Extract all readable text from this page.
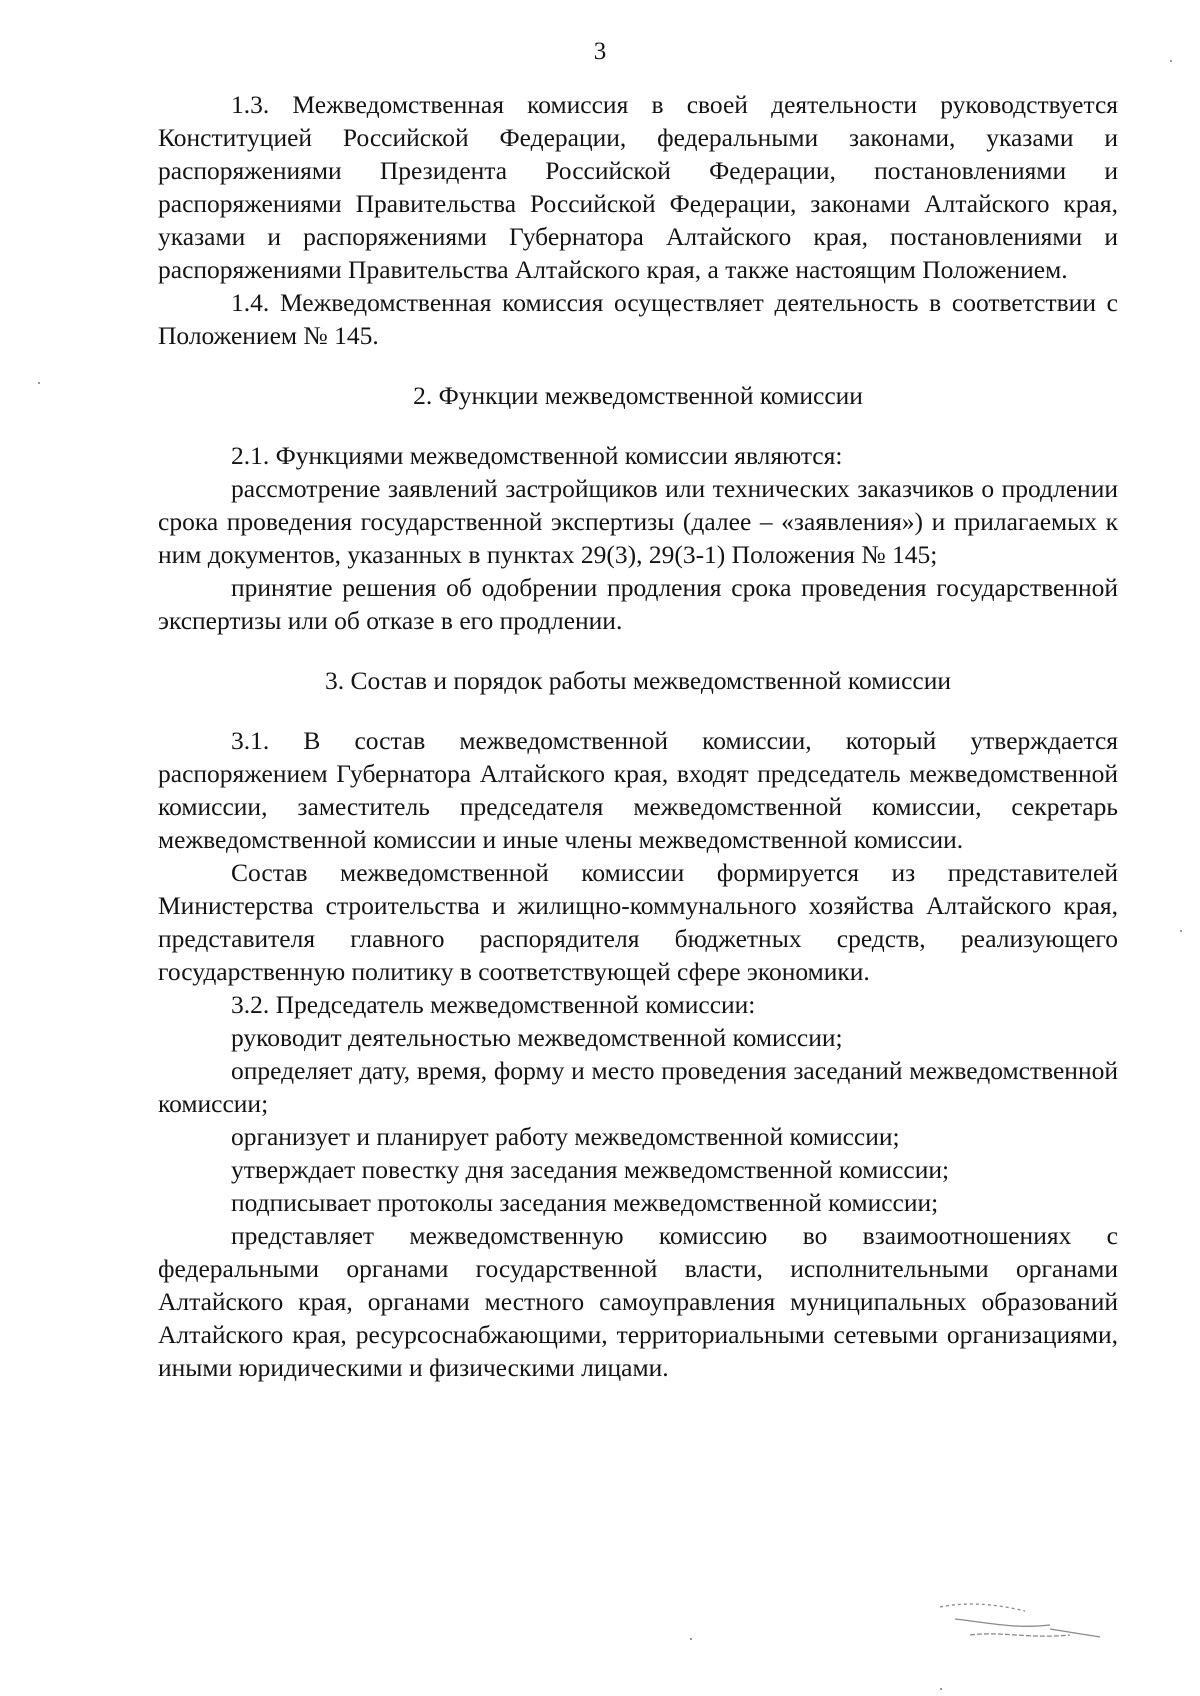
3

1.3. Межведомственная комиссия в своей деятельности руководствуется Конституцией Российской Федерации, федеральными законами, указами и распоряжениями Президента Российской Федерации, постановлениями и распоряжениями Правительства Российской Федерации, законами Алтайского края, указами и распоряжениями Губернатора Алтайского края, постановлениями и распоряжениями Правительства Алтайского края, а также настоящим Положением.

1.4. Межведомственная комиссия осуществляет деятельность в соответствии с Положением № 145.

2. Функции межведомственной комиссии

2.1. Функциями межведомственной комиссии являются:

рассмотрение заявлений застройщиков или технических заказчиков о продлении срока проведения государственной экспертизы (далее – «заявления») и прилагаемых к ним документов, указанных в пунктах 29(3), 29(3-1) Положения № 145;

принятие решения об одобрении продления срока проведения государственной экспертизы или об отказе в его продлении.

3. Состав и порядок работы межведомственной комиссии

3.1. В состав межведомственной комиссии, который утверждается распоряжением Губернатора Алтайского края, входят председатель межведомственной комиссии, заместитель председателя межведомственной комиссии, секретарь межведомственной комиссии и иные члены межведомственной комиссии.

Состав межведомственной комиссии формируется из представителей Министерства строительства и жилищно-коммунального хозяйства Алтайского края, представителя главного распорядителя бюджетных средств, реализующего государственную политику в соответствующей сфере экономики.

3.2. Председатель межведомственной комиссии:

руководит деятельностью межведомственной комиссии;

определяет дату, время, форму и место проведения заседаний межведомственной комиссии;

организует и планирует работу межведомственной комиссии;

утверждает повестку дня заседания межведомственной комиссии;

подписывает протоколы заседания межведомственной комиссии;

представляет межведомственную комиссию во взаимоотношениях с федеральными органами государственной власти, исполнительными органами Алтайского края, органами местного самоуправления муниципальных образований Алтайского края, ресурсоснабжающими, территориальными сетевыми организациями, иными юридическими и физическими лицами.
